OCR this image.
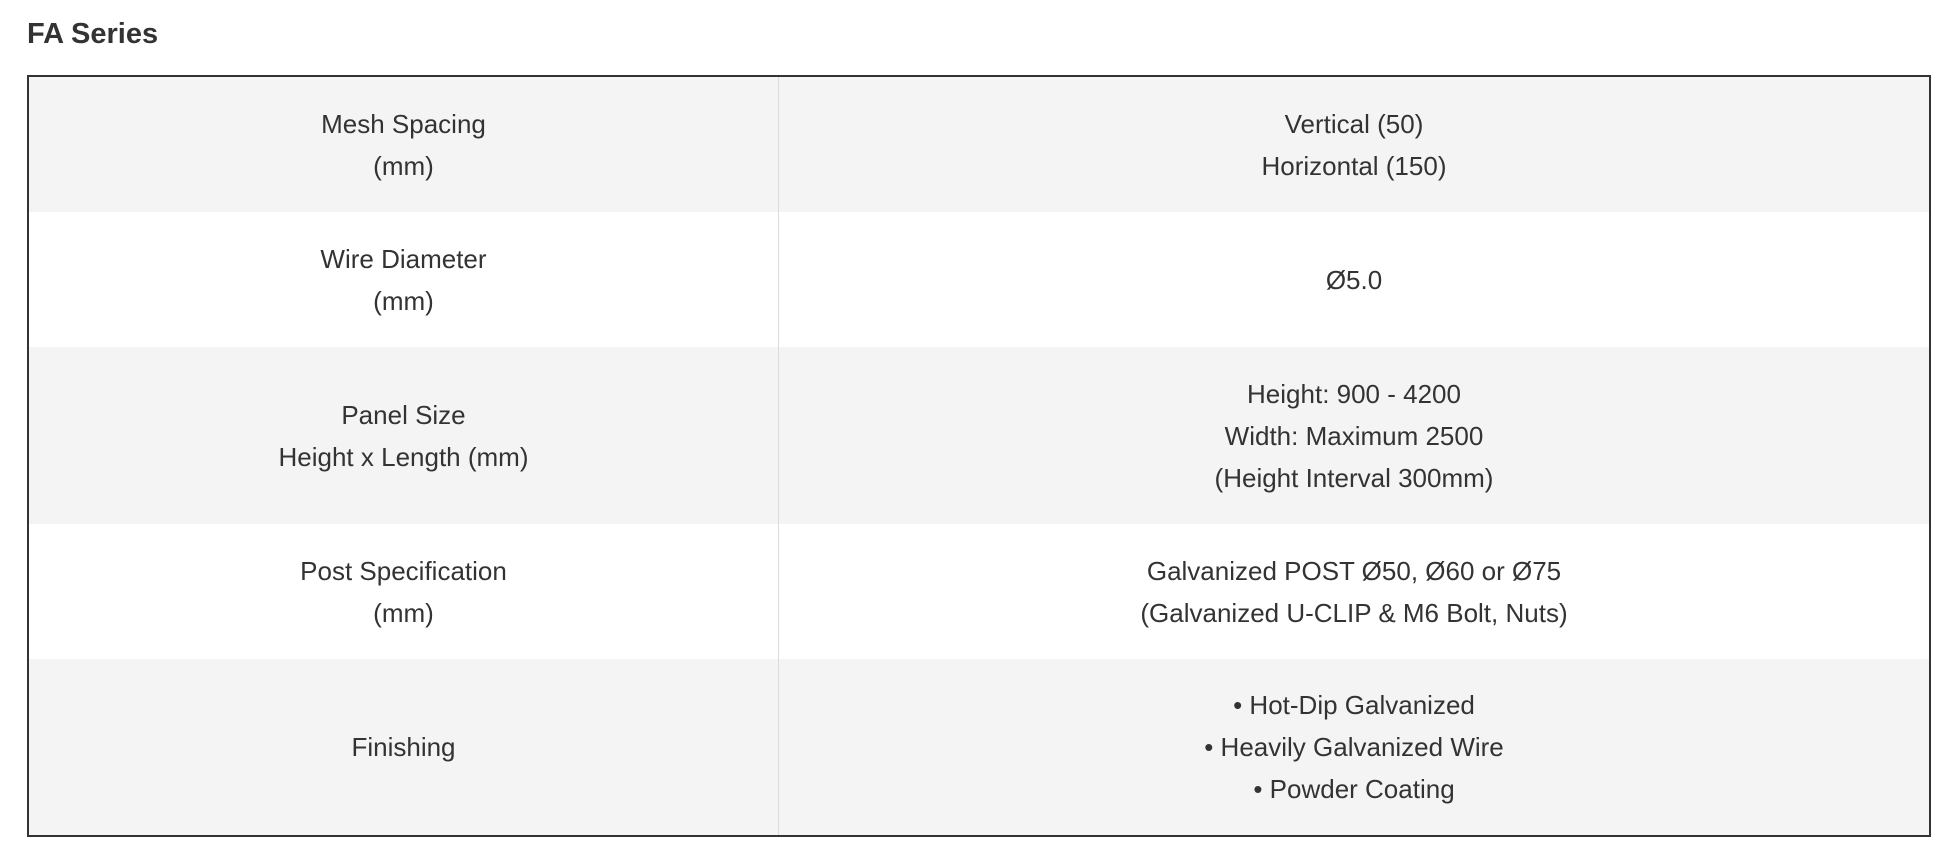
FA Series
Mesh Spacing
(mm)
Vertical (50)
Horizontal (150)
Wire Diameter
(mm)
Ø5.0
Panel Size
Height x Length (mm)
Height: 900 - 4200
Width: Maximum 2500
(Height Interval 300mm)
Post Specification
(mm)
Galvanized POST Ø50, Ø60 or Ø75
(Galvanized U-CLIP & M6 Bolt, Nuts)
Finishing
• Hot-Dip Galvanized
• Heavily Galvanized Wire
• Powder Coating
